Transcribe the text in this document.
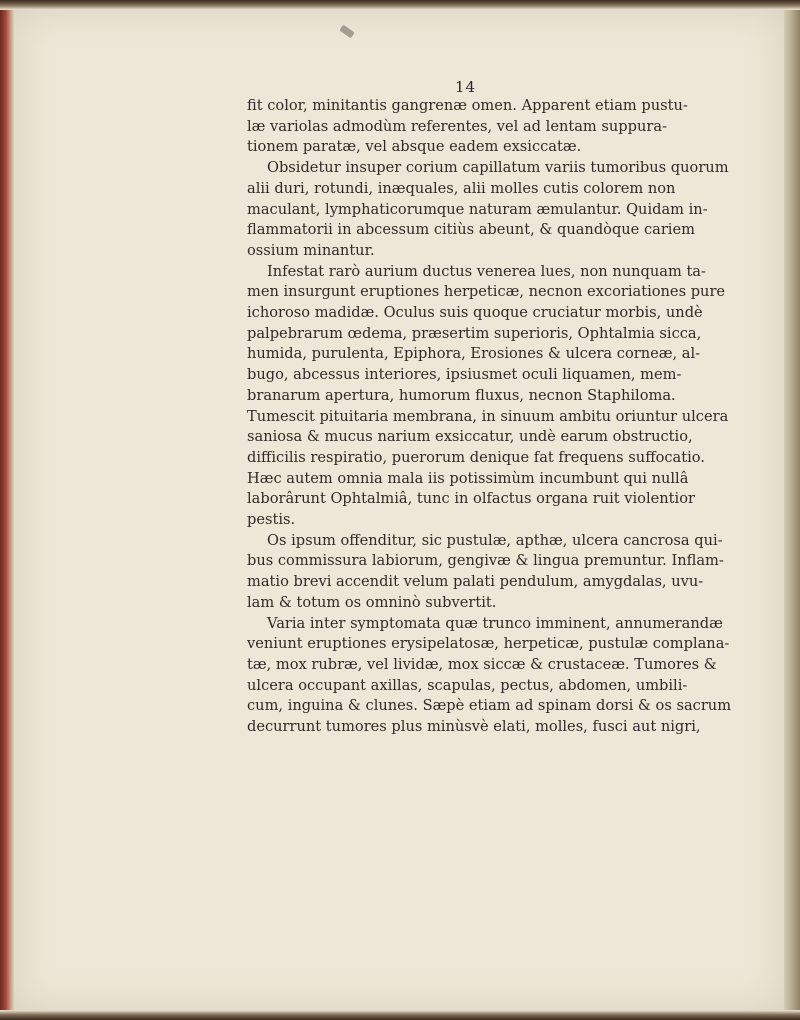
14
fit color, minitantis gangrenæ omen. Apparent etiam pustu-
læ variolas admodùm referentes, vel ad lentam suppura-
tionem paratæ, vel absque eadem exsiccatæ.
Obsidetur insuper corium capillatum variis tumoribus quorum
alii duri, rotundi, inæquales, alii molles cutis colorem non
maculant, lymphaticorumque naturam æmulantur. Quidam in-
flammatorii in abcessum citiùs abeunt, & quandòque cariem
ossium minantur.
Infestat rarò aurium ductus venerea lues, non nunquam ta-
men insurgunt eruptiones herpeticæ, necnon excoriationes pure
ichoroso madidæ. Oculus suis quoque cruciatur morbis, undè
palpebrarum œdema, præsertim superioris, Ophtalmia sicca,
humida, purulenta, Epiphora, Erosiones & ulcera corneæ, al-
bugo, abcessus interiores, ipsiusmet oculi liquamen, mem-
branarum apertura, humorum fluxus, necnon Staphiloma.
Tumescit pituitaria membrana, in sinuum ambitu oriuntur ulcera
saniosa & mucus narium exsiccatur, undè earum obstructio,
difficilis respiratio, puerorum denique fat frequens suffocatio.
Hæc autem omnia mala iis potissimùm incumbunt qui nullâ
laborârunt Ophtalmiâ, tunc in olfactus organa ruit violentior
pestis.
Os ipsum offenditur, sic pustulæ, apthæ, ulcera cancrosa qui-
bus commissura labiorum, gengivæ & lingua premuntur. Inflam-
matio brevi accendit velum palati pendulum, amygdalas, uvu-
lam & totum os omninò subvertit.
Varia inter symptomata quæ trunco imminent, annumerandæ
veniunt eruptiones erysipelatosæ, herpeticæ, pustulæ complana-
tæ, mox rubræ, vel lividæ, mox siccæ & crustaceæ. Tumores &
ulcera occupant axillas, scapulas, pectus, abdomen, umbili-
cum, inguina & clunes. Sæpè etiam ad spinam dorsi & os sacrum
decurrunt tumores plus minùsvè elati, molles, fusci aut nigri,
